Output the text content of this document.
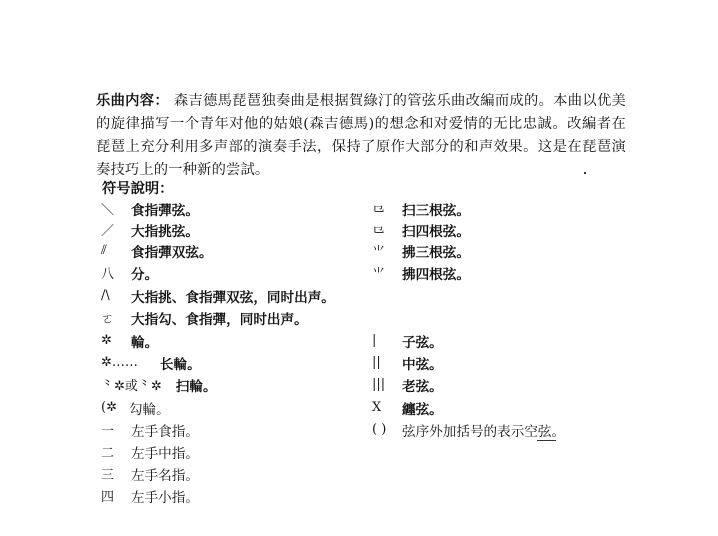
乐曲内容： 森吉德馬琵琶独奏曲是根据賀綠汀的管弦乐曲改編而成的。本曲以优美的旋律描写一个青年对他的姑娘(森吉德馬)的想念和对爱情的无比忠誠。改編者在琵琶上充分利用多声部的演奏手法，保持了原作大部分的和声效果。这是在琵琶演奏技巧上的一种新的尝試。
符号說明：
＼	食指彈弦。
／	大指挑弦。
⫽	食指彈双弦。
八	分。
/\	大指挑、食指彈双弦，同时出声。
ㄛ	大指勾、食指彈，同时出声。
✲	輪。
✲…… 长輪。
⺀✲或⺀✲ 扫輪。
(✲ 勾輪。
一	左手食指。
二	左手中指。
三	左手名指。
四	左手小指。
⺋	扫三根弦。
⺋	扫四根弦。
⺌	拂三根弦。
⺌	拂四根弦。
|	子弦。
||	中弦。
|||	老弦。
X	纏弦。
( )	弦序外加括号的表示空弦。
